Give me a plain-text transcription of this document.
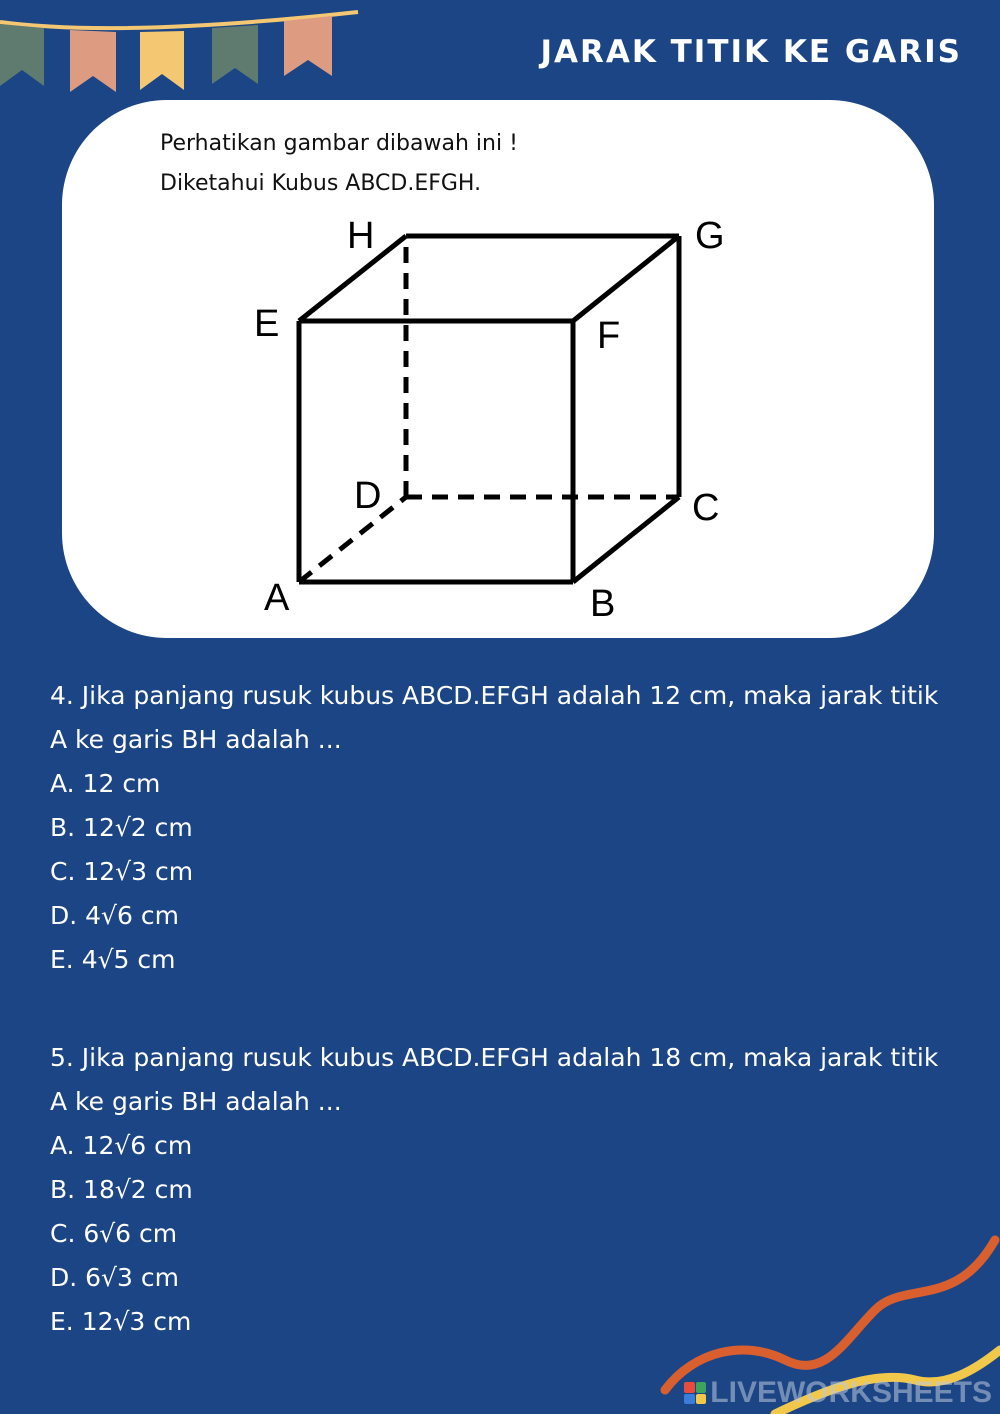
JARAK TITIK KE GARIS
Perhatikan gambar dibawah ini !
Diketahui Kubus ABCD.EFGH.
H	G
E	F
D	C
A	B

4. Jika panjang rusuk kubus ABCD.EFGH adalah 12 cm, maka jarak titik A ke garis BH adalah ...

A. 12 cm
B. 12√2 cm
C. 12√3 cm
D. 4√6 cm
E. 4√5 cm

5. Jika panjang rusuk kubus ABCD.EFGH adalah 18 cm, maka jarak titik A ke garis BH adalah ...

A. 12√6 cm
B. 18√2 cm
C. 6√6 cm
D. 6√3 cm
E. 12√3 cm
LIVEWORKSHEETS
